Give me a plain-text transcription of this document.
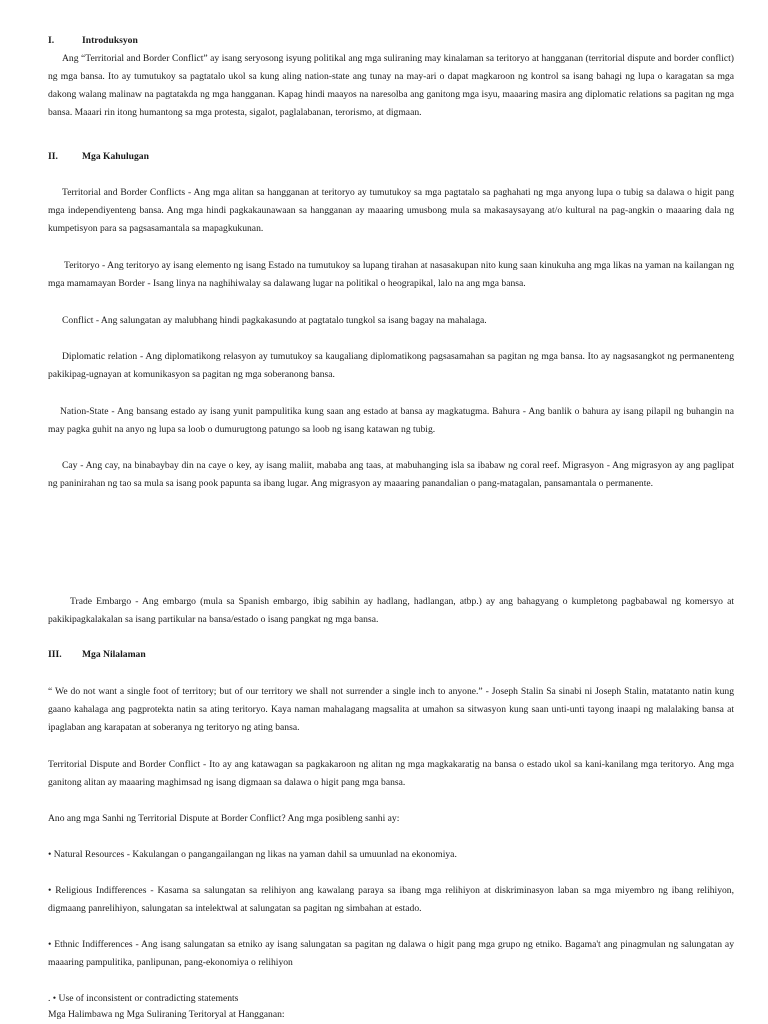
I.	Introduksyon

Ang “Territorial and Border Conflict” ay isang seryosong isyung politikal ang mga suliraning may kinalaman sa teritoryo at hangganan (territorial dispute and border conflict) ng mga bansa. Ito ay tumutukoy sa pagtatalo ukol sa kung aling nation-state ang tunay na may-ari o dapat magkaroon ng kontrol sa isang bahagi ng lupa o karagatan sa mga dakong walang malinaw na pagtatakda ng mga hangganan. Kapag hindi maayos na naresolba ang ganitong mga isyu, maaaring masira ang diplomatic relations sa pagitan ng mga bansa. Maaari rin itong humantong sa mga protesta, sigalot, paglalabanan, terorismo, at digmaan.

II.	Mga Kahulugan

Territorial and Border Conflicts - Ang mga alitan sa hangganan at teritoryo ay tumutukoy sa mga pagtatalo sa paghahati ng mga anyong lupa o tubig sa dalawa o higit pang mga independiyenteng bansa. Ang mga hindi pagkakaunawaan sa hangganan ay maaaring umusbong mula sa makasaysayang at/o kultural na pag-angkin o maaaring dala ng kumpetisyon para sa pagsasamantala sa mapagkukunan.

Teritoryo - Ang teritoryo ay isang elemento ng isang Estado na tumutukoy sa lupang tirahan at nasasakupan nito kung saan kinukuha ang mga likas na yaman na kailangan ng mga mamamayan Border - Isang linya na naghihiwalay sa dalawang lugar na politikal o heograpikal, lalo na ang mga bansa.

Conflict - Ang salungatan ay malubhang hindi pagkakasundo at pagtatalo tungkol sa isang bagay na mahalaga.

Diplomatic relation - Ang diplomatikong relasyon ay tumutukoy sa kaugaliang diplomatikong pagsasamahan sa pagitan ng mga bansa. Ito ay nagsasangkot ng permanenteng pakikipag-ugnayan at komunikasyon sa pagitan ng mga soberanong bansa.

Nation-State - Ang bansang estado ay isang yunit pampulitika kung saan ang estado at bansa ay magkatugma. Bahura - Ang banlik o bahura ay isang pilapil ng buhangin na may pagka guhit na anyo ng lupa sa loob o dumurugtong patungo sa loob ng isang katawan ng tubig.

Cay - Ang cay, na binabaybay din na caye o key, ay isang maliit, mababa ang taas, at mabuhanging isla sa ibabaw ng coral reef. Migrasyon - Ang migrasyon ay ang paglipat ng paninirahan ng tao sa mula sa isang pook papunta sa ibang lugar. Ang migrasyon ay maaaring panandalian o pang-matagalan, pansamantala o permanente.

Trade Embargo - Ang embargo (mula sa Spanish embargo, ibig sabihin ay hadlang, hadlangan, atbp.) ay ang bahagyang o kumpletong pagbabawal ng komersyo at pakikipagkalakalan sa isang partikular na bansa/estado o isang pangkat ng mga bansa.

III. Mga Nilalaman

“ We do not want a single foot of territory; but of our territory we shall not surrender a single inch to anyone.” - Joseph Stalin Sa sinabi ni Joseph Stalin, matatanto natin kung gaano kahalaga ang pagprotekta natin sa ating teritoryo. Kaya naman mahalagang magsalita at umahon sa sitwasyon kung saan unti-unti tayong inaapi ng malalaking bansa at ipaglaban ang karapatan at soberanya ng teritoryo ng ating bansa.

Territorial Dispute and Border Conflict - Ito ay ang katawagan sa pagkakaroon ng alitan ng mga magkakaratig na bansa o estado ukol sa kani-kanilang mga teritoryo. Ang mga ganitong alitan ay maaaring maghimsad ng isang digmaan sa dalawa o higit pang mga bansa.

Ano ang mga Sanhi ng Territorial Dispute at Border Conflict? Ang mga posibleng sanhi ay:

• Natural Resources - Kakulangan o pangangailangan ng likas na yaman dahil sa umuunlad na ekonomiya.

• Religious Indifferences - Kasama sa salungatan sa relihiyon ang kawalang paraya sa ibang mga relihiyon at diskriminasyon laban sa mga miyembro ng ibang relihiyon, digmaang panrelihiyon, salungatan sa intelektwal at salungatan sa pagitan ng simbahan at estado.

• Ethnic Indifferences - Ang isang salungatan sa etniko ay isang salungatan sa pagitan ng dalawa o higit pang mga grupo ng etniko. Bagama't ang pinagmulan ng salungatan ay maaaring pampulitika, panlipunan, pang-ekonomiya o relihiyon

. • Use of inconsistent or contradicting statements

Mga Halimbawa ng Mga Suliraning Teritoryal at Hangganan:
